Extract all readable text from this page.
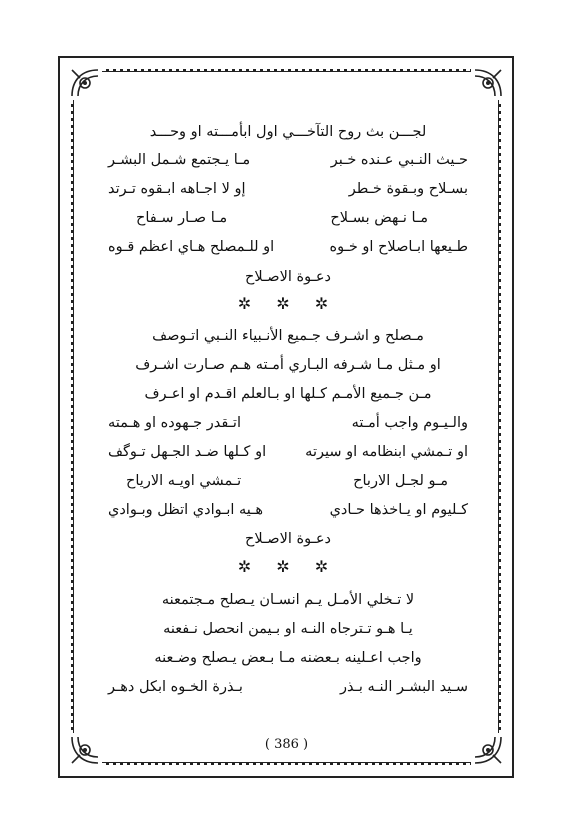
لجـــن بث روح التآخـــي اول ابأمـــته او وحـــد
حـيث النـبي عـنده خـبر
مـا يـجتمع شـمل البشـر
بسـلاح وبـقوة خـطر
إو لا اجـاهه ابـقوه تـرتد
مـا نـهض بسـلاح
مـا صـار سـفاح
طـيعها ابـاصلاح او خـوه
او للـمصلح هـاي اعظم قـوه
دعـوة الاصـلاح
✲ ✲ ✲
مـصلح و اشـرف جـميع الأنـبياء النـبي اتـوصف
او مـثل مـا شـرفه البـاري أمـته هـم صـارت اشـرف
مـن جـميع الأمـم كـلها او بـالعلم اقـدم او اعـرف
والـيـوم واجب أمـته
اتـقدر جـهوده او هـمته
او تـمشي ابنظامه او سيرته
او كـلها ضـد الجـهل تـوگف
مـو لجـل الارباح
تـمشي اويـه الارياح
كـليوم او يـاخذها حـادي
هـيه ابـوادي اتظل وبـوادي
دعـوة الاصـلاح
✲ ✲ ✲
لا تـخلي الأمـل يـم انسـان يـصلح مـجتمعنه
يـا هـو تـترجاه النـه او بـيمن انحصل نـفعنه
واجب اعـلينه بـعضنه مـا بـعض يـصلح وضـعنه
سـيد البشـر النـه بـذر
بـذرة الخـوه ابكل دهـر
( 386 )
